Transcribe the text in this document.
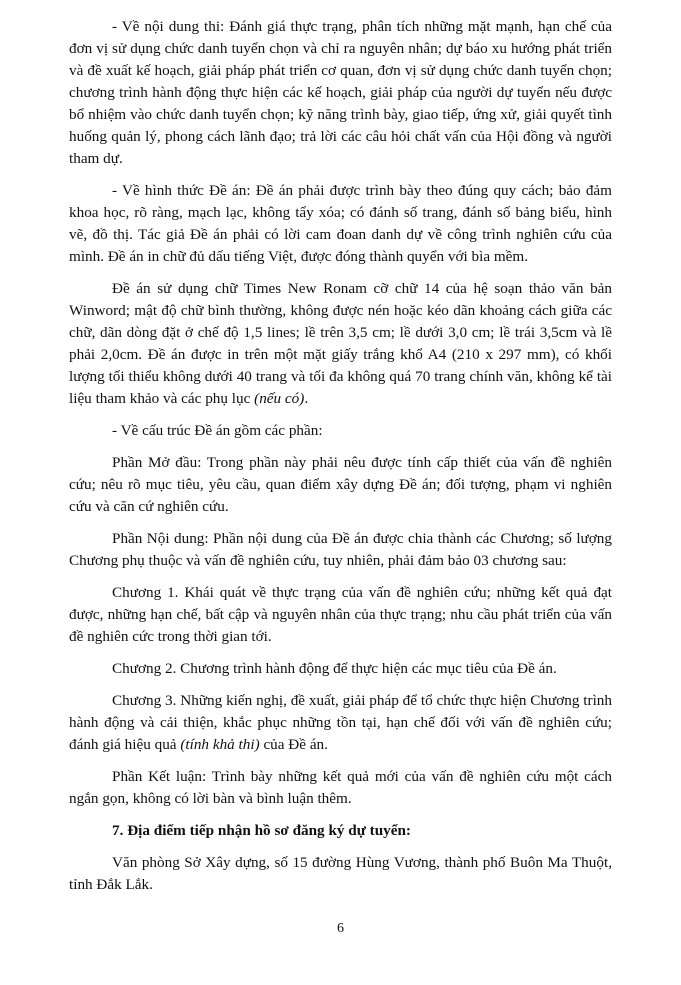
- Về nội dung thi: Đánh giá thực trạng, phân tích những mặt mạnh, hạn chế của đơn vị sử dụng chức danh tuyển chọn và chỉ ra nguyên nhân; dự báo xu hướng phát triển và đề xuất kế hoạch, giải pháp phát triển cơ quan, đơn vị sử dụng chức danh tuyển chọn; chương trình hành động thực hiện các kế hoạch, giải pháp của người dự tuyển nếu được bổ nhiệm vào chức danh tuyển chọn; kỹ năng trình bày, giao tiếp, ứng xử, giải quyết tình huống quản lý, phong cách lãnh đạo; trả lời các câu hỏi chất vấn của Hội đồng và người tham dự.

- Về hình thức Đề án: Đề án phải được trình bày theo đúng quy cách; bảo đảm khoa học, rõ ràng, mạch lạc, không tẩy xóa; có đánh số trang, đánh số bảng biểu, hình vẽ, đồ thị. Tác giả Đề án phải có lời cam đoan danh dự về công trình nghiên cứu của mình. Đề án in chữ đủ dấu tiếng Việt, được đóng thành quyển với bìa mềm.

Đề án sử dụng chữ Times New Ronam cỡ chữ 14 của hệ soạn thảo văn bản Winword; mật độ chữ bình thường, không được nén hoặc kéo dãn khoảng cách giữa các chữ, dãn dòng đặt ở chế độ 1,5 lines; lề trên 3,5 cm; lề dưới 3,0 cm; lề trái 3,5cm và lề phải 2,0cm. Đề án được in trên một mặt giấy trắng khổ A4 (210 x 297 mm), có khối lượng tối thiểu không dưới 40 trang và tối đa không quá 70 trang chính văn, không kể tài liệu tham khảo và các phụ lục (nếu có).

- Về cấu trúc Đề án gồm các phần:

Phần Mở đầu: Trong phần này phải nêu được tính cấp thiết của vấn đề nghiên cứu; nêu rõ mục tiêu, yêu cầu, quan điểm xây dựng Đề án; đối tượng, phạm vi nghiên cứu và căn cứ nghiên cứu.

Phần Nội dung: Phần nội dung của Đề án được chia thành các Chương; số lượng Chương phụ thuộc và vấn đề nghiên cứu, tuy nhiên, phải đảm bảo 03 chương sau:

Chương 1. Khái quát về thực trạng của vấn đề nghiên cứu; những kết quả đạt được, những hạn chế, bất cập và nguyên nhân của thực trạng; nhu cầu phát triển của vấn đề nghiên cức trong thời gian tới.

Chương 2. Chương trình hành động để thực hiện các mục tiêu của Đề án.

Chương 3. Những kiến nghị, đề xuất, giải pháp để tổ chức thực hiện Chương trình hành động và cải thiện, khắc phục những tồn tại, hạn chế đối với vấn đề nghiên cứu; đánh giá hiệu quả (tính khả thi) của Đề án.

Phần Kết luận: Trình bày những kết quả mới của vấn đề nghiên cứu một cách ngắn gọn, không có lời bàn và bình luận thêm.

7. Địa điểm tiếp nhận hồ sơ đăng ký dự tuyển:

Văn phòng Sở Xây dựng, số 15 đường Hùng Vương, thành phố Buôn Ma Thuột, tỉnh Đắk Lắk.

6
